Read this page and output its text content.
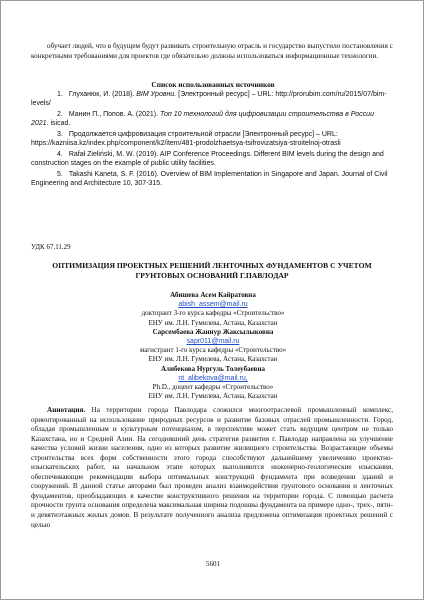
обучает людей, что в будущем будут развивать строительную отрасль и государство выпустило постановления с конкретными требованиями для проектов где обязательно должны использоваться информационные технологии.
Список использованных источников

1. Глуханюк, И. (2018). BIM Уровни. [Электронный ресурс] – URL: http://prorubim.com/ru/2015/07/bim-levels/

2. Манин П., Попов. А. (2021). Топ 10 технологий для цифровизации строительства в России 2021. isicad.

3. Продолжается цифровизация строительной отрасли [Электронный ресурс] – URL: https://kazniisa.kz/index.php/component/k2/item/481-prodolzhaetsya-tsifrovizatsiya-stroitelnoj-otrasli

4. Rafał Zieliński, M. W. (2019). AIP Conference Proceedings. Different BIM levels during the design and construction stages on the example of public utility facilities.

5. Takashi Kaneta, S. F. (2016). Overview of BIM Implementation in Singapore and Japan. Journal of Civil Engineering and Architecture 10, 307-315.

УДК 67.11.29
ОПТИМИЗАЦИЯ ПРОЕКТНЫХ РЕШЕНИЙ ЛЕНТОЧНЫХ ФУНДАМЕНТОВ С УЧЕТОМ ГРУНТОВЫХ ОСНОВАНИЙ Г.ПАВЛОДАР
Абишева Асем Кайратовна
abish_assem@mail.ru
докторант 3-го курса кафедры «Строительство»
ЕНУ им. Л.Н. Гумилева, Астана, Казахстан
Сарсембаева Жаннур Жаксылыковна
sapr011@mail.ru
магистрант 1-го курса кафедры «Строительство»
ЕНУ им. Л.Н. Гумилева, Астана, Казахстан
Алибекова Нургуль Толеубаевна
nt_alibekova@mail.ru,
Ph.D., доцент кафедры «Строительство»
ЕНУ им. Л.Н. Гумилева, Астана, Казахстан
Аннотация. На территории города Павлодара сложился многоотраслевой промышленный комплекс, ориентированный на использование природных ресурсов и развитие базовых отраслей промышленности. Город, обладая промышленным и культурным потенциалом, в перспективе может стать ведущим центром не только Казахстана, но и Средней Азии. На сегодняшний день стратегия развития г. Павлодар направлена на улучшение качества условий жизни населения, одно из которых развитие жилищного строительства. Возрастающие объемы строительства всех форм собственности этого города способствуют дальнейшему увеличению проектно-изыскательских работ, на начальном этапе которых выполняются инженерно-геологические изыскания, обеспечивающие рекомендации выбора оптимальных конструкций фундамента при возведении зданий и сооружений. В данной статье авторами был проведен анализ взаимодействия грунтового основания и ленточных фундаментов, преобладающих в качестве конструктивного решения на территории города. С помощью расчета прочности грунта основания определена максимальная ширина подошвы фундамента на примере одно-, трех-, пяти- и девятиэтажных жилых домов. В результате полученного анализа предложена оптимизация проектных решений с целью
5601
